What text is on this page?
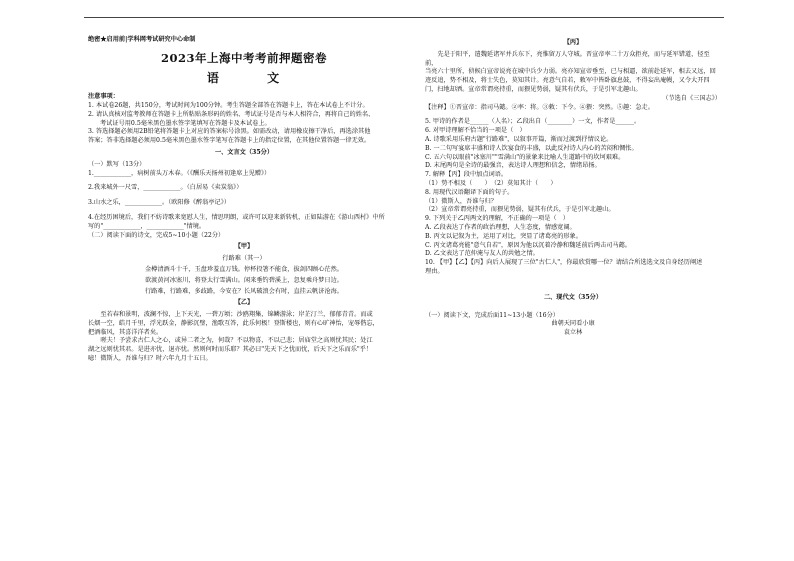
绝密★启用前|学科网考试研究中心命制

2023年上海中考考前押题密卷

语 文

注意事项：

1. 本试卷26题，共150分，考试时间为100分钟。考生答题全部答在答题卡上，答在本试卷上不计分。

2. 请认真核对监考教师在答题卡上所粘贴条形码的姓名、考试证号是否与本人相符合，再将自己的姓名、

考试证号用0.5毫米黑色墨水签字笔填写在答题卡及本试卷上。

3. 答选择题必须用2B铅笔将答题卡上对应的答案标号涂黑。如需改动，请用橡皮擦干净后，再选涂其他

答案；答非选择题必须用0.5毫米黑色墨水签字笔写在答题卡上的指定位置，在其他位置答题一律无效。

一、文言文（35分）

（一）默写（13分）

1.____________，病树前头万木春。（《酬乐天扬州初逢席上见赠》）

2.我来城外一尺雪，____________。（白居易《卖炭翁》）

3.山水之乐，____________。（欧阳修《醉翁亭记》）

4.在经历困境后，我们不妨诗歌来宽慰人生，情思明朗，或许可以迎来新转机，正如陆游在《游山西村》中所

写的"____________，____________"情境。

（二）阅读下面的诗文，完成5~10小题（22分）

【甲】

行路难（其一）

金樽清酒斗十千，玉盘珍羞直万钱。停杯投箸不能食，拔剑四顾心茫然。

欲渡黄河冰塞川，将登太行雪满山。闲来垂钓碧溪上，忽复乘舟梦日边。

行路难，行路难，多歧路，今安在？长风破浪会有时，直挂云帆济沧海。

【乙】

至若春和景明，波澜不惊，上下天光，一碧万顷；沙鸥翔集，锦鳞游泳；岸芷汀兰，郁郁青青。而或

长烟一空，皓月千里，浮光跃金，静影沉璧，渔歌互答，此乐何极！登斯楼也，则有心旷神怡，宠辱偕忘，

把酒临风，其喜洋洋者矣。

嗟夫！予尝求古仁人之心，或异二者之为，何哉？不以物喜，不以己悲；居庙堂之高则忧其民；处江

湖之远则忧其君。是进亦忧，退亦忧。然则何时而乐耶？其必曰"先天下之忧而忧，后天下之乐而乐"乎！

噫！微斯人，吾谁与归？时六年九月十五日。

【丙】

先是于阳平，遣魏延诸军并兵东下，亮惟留万人守城。晋宣帝率二十万众拒亮，而与延军错道，径至前，

当亮六十里所，侦候白宣帝说亮在城中兵少力弱。亮亦知宣帝垂至，已与相逼，欲前赴延军，相去又远，回

迹反追，势不相及，将士失色，莫知其计。亮意气自若，敕军中皆卧旗息鼓，不得妄出庵幔，又令大开四

门，扫地却洒。宣帝常谓亮持重，而猥见势弱，疑其有伏兵，于是引军北趣山。

（节选自《三国志》）

【注释】①晋宣帝：指司马懿。②率：将。③敕：下令。④猥：突然。⑤趣：急走。

5. 甲诗的作者是______（人名）；乙段出自（________）一文，作者是______。

6. 对甲诗理解不恰当的一项是（　）

A. 诗歌采用乐府古题"行路难"，以叙事开篇，渐而过渡到抒情议论。

B. 一二句写宴席丰盛和诗人饮宴食的丰盛，以此反衬诗人内心的苦闷和惆怅。

C. 五六句以眼前"冰塞川""雪满山"的景象来比喻人生道路中的坎坷艰难。

D. 末尾两句是全诗的最强音，表达诗人理想和信念，情绪昂扬。

7. 解释【丙】段中加点词语。

（1）势不相及（　　）　（2）莫知其计（　　）

8. 用现代汉语翻译下面的句子。

（1）微斯人，吾谁与归？

（2）宣帝常谓亮持重，而猥见势弱，疑其有伏兵，于是引军北趣山。

9. 下列关于乙丙两文的理解，不正确的一项是（　）

A. 乙段表达了作者的政治理想，人生态度，情感宽阔。

B. 丙文以记叙为主，运用了对比，突显了诸葛亮的形象。

C. 丙文诸葛亮能"意气自若"，原因为他以沉着冷静和魏延前后两击司马懿。

D. 乙文表达了范仲淹与友人的共勉之情。

10. 【甲】【乙】【丙】向后人展现了三位"古仁人"，你最欣赏哪一位？请结合所选选文及自身经历阐述

理由。

二、现代文（35分）

（一）阅读下文，完成后面11~13小题（16分）

曲朝天同看小康

袁立林
